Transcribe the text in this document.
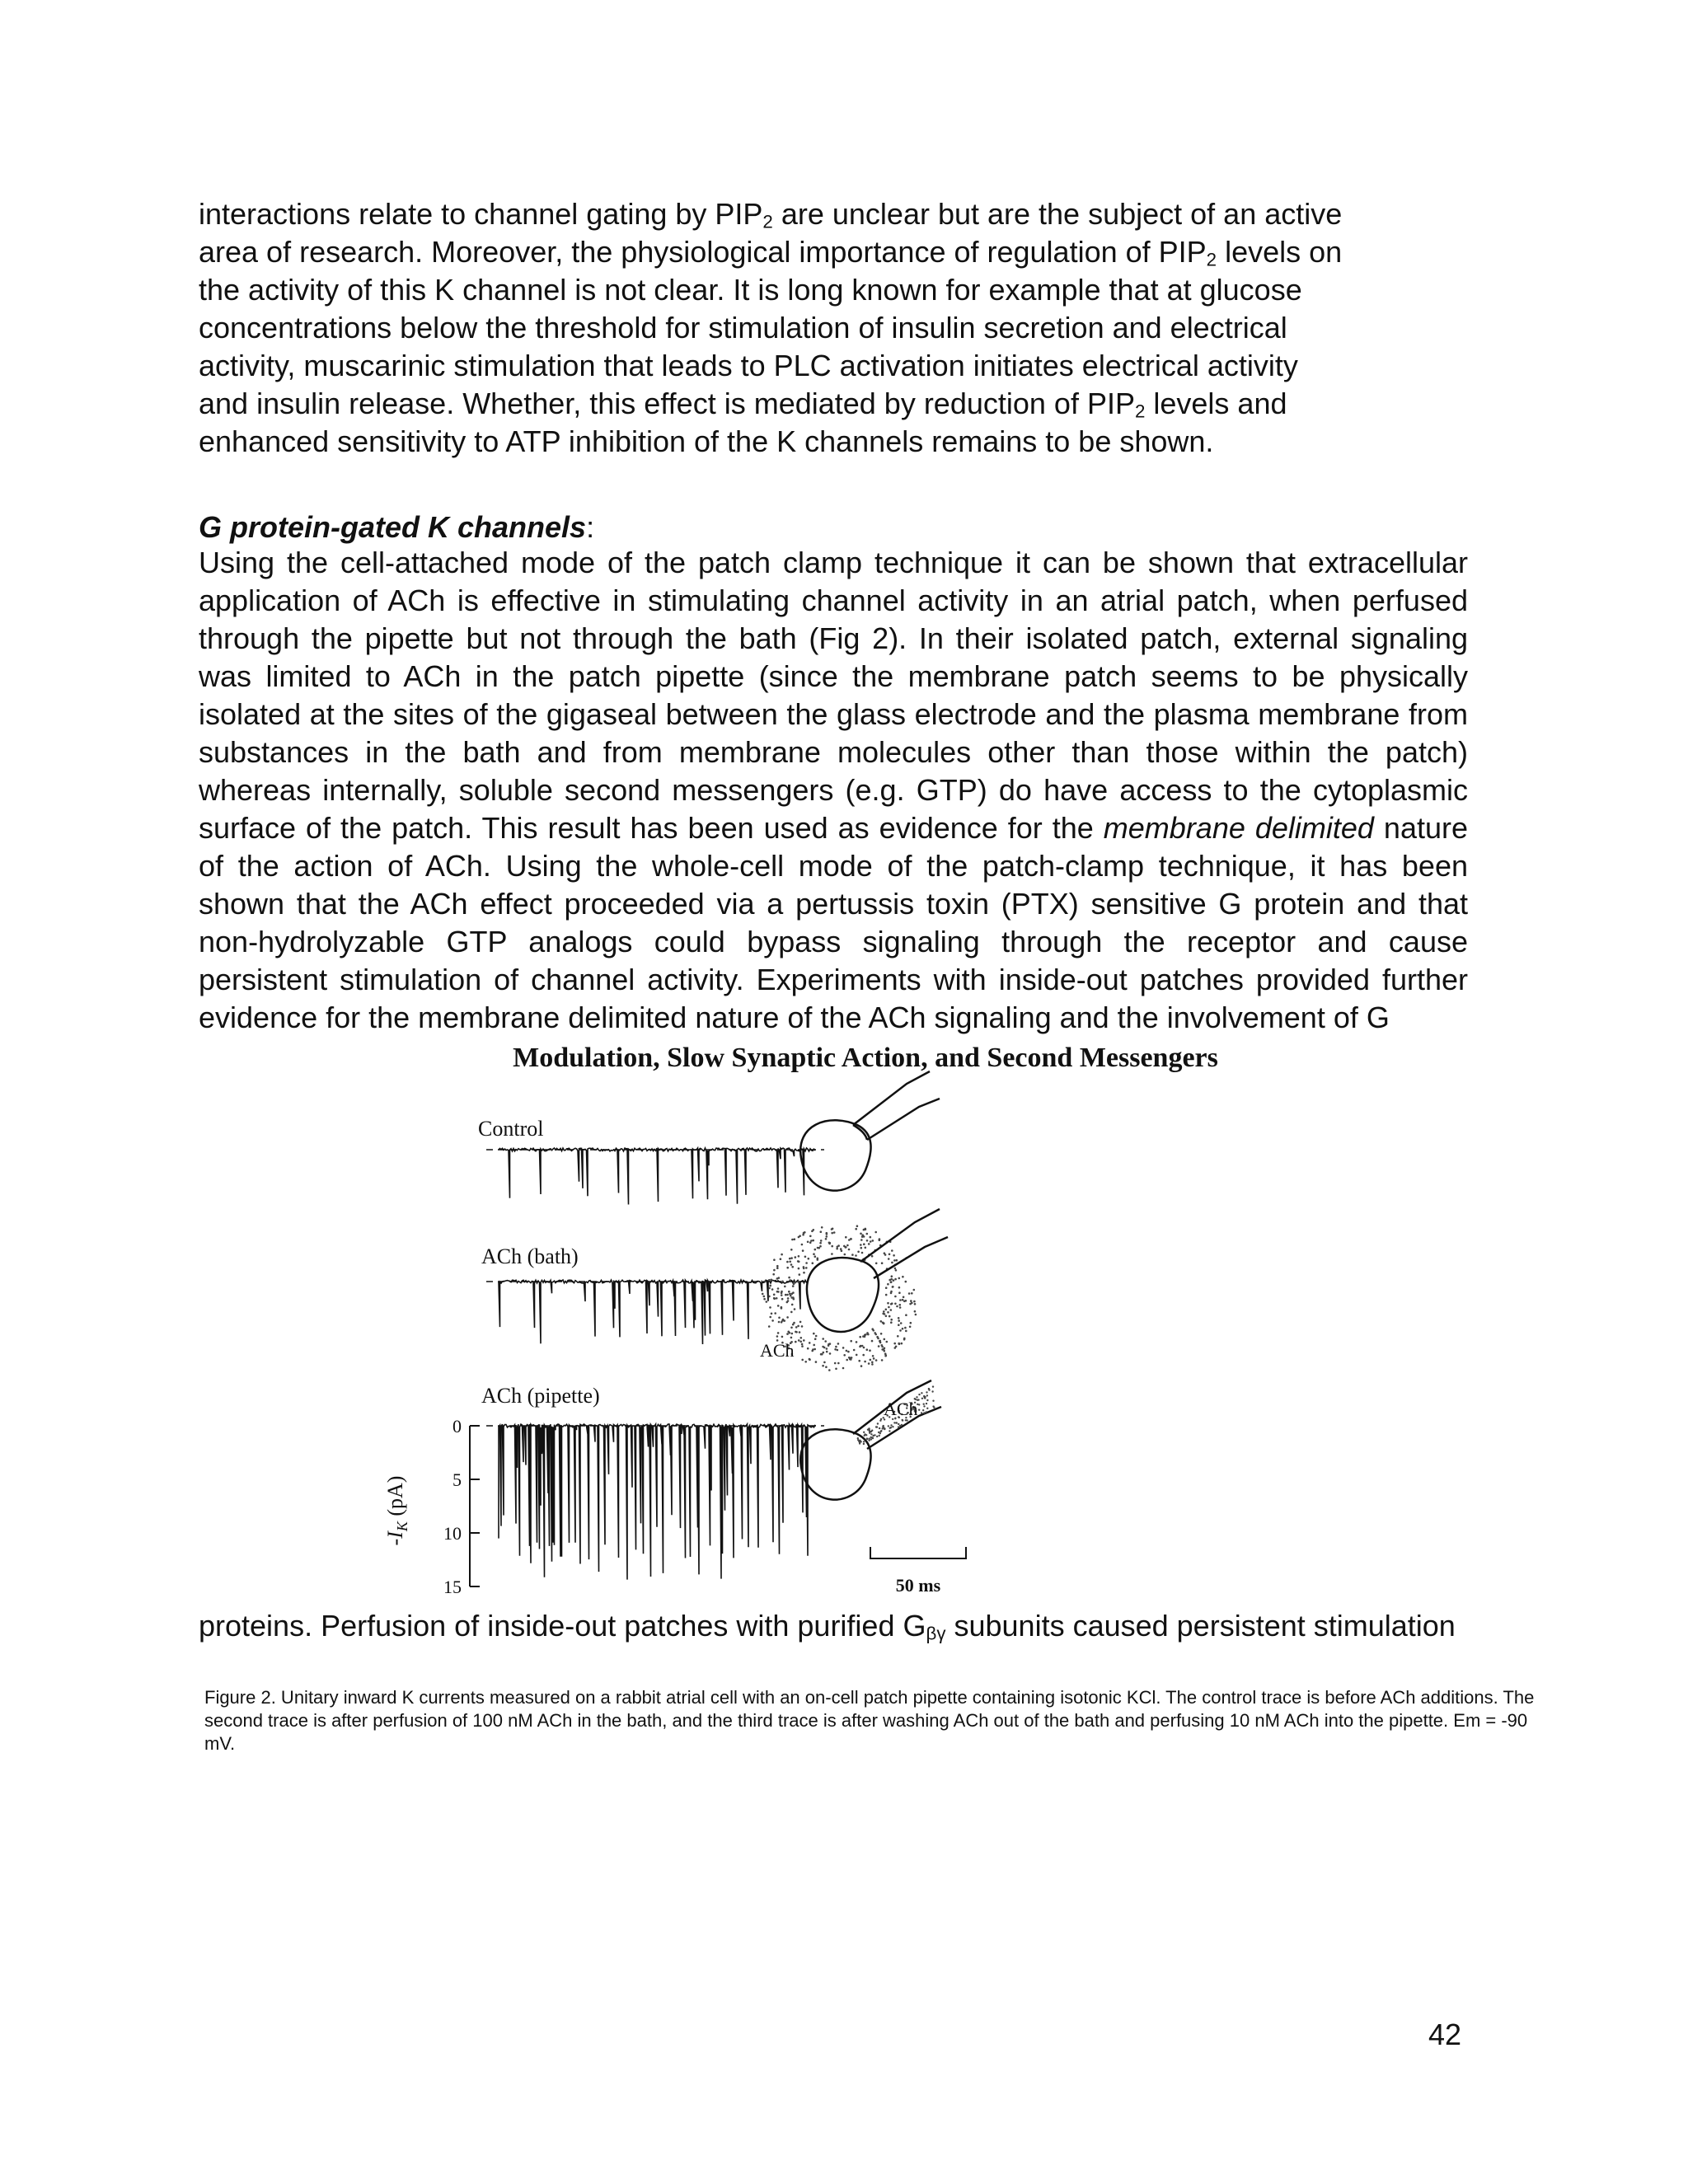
interactions relate to channel gating by $PIP_2$ are unclear but are the subject of an active
area of research. Moreover, the physiological importance of regulation of $PIP_2$ levels on
the activity of this K channel is not clear. It is long known for example that at glucose
concentrations below the threshold for stimulation of insulin secretion and electrical
activity, muscarinic stimulation that leads to PLC activation initiates electrical activity
and insulin release. Whether, this effect is mediated by reduction of $PIP_2$ levels and
enhanced sensitivity to ATP inhibition of the K channels remains to be shown.
G protein-gated K channels:
Using the cell-attached mode of the patch clamp technique it can be shown that extracellular
application of ACh is effective in stimulating channel activity in an atrial patch, when perfused
through the pipette but not through the bath (Fig 2). In their isolated patch, external signaling
was limited to ACh in the patch pipette (since the membrane patch seems to be physically
isolated at the sites of the gigaseal between the glass electrode and the plasma membrane from
substances in the bath and from membrane molecules other than those within the patch)
whereas internally, soluble second messengers (e.g. GTP) do have access to the cytoplasmic
surface of the patch. This result has been used as evidence for the membrane delimited nature
of the action of ACh. Using the whole-cell mode of the patch-clamp technique, it has been
shown that the ACh effect proceeded via a pertussis toxin (PTX) sensitive G protein and that
non-hydrolyzable GTP analogs could bypass signaling through the receptor and cause
persistent stimulation of channel activity. Experiments with inside-out patches provided further
evidence for the membrane delimited nature of the ACh signaling and the involvement of G
Modulation, Slow Synaptic Action, and Second Messengers
Control
ACh (bath)
ACh (pipette)
0
5
10
15
$-I_K$ (pA)
50 ms
ACh
ACh
proteins. Perfusion of inside-out patches with purified $G_{\beta\gamma}$ subunits caused persistent stimulation

Figure 2. Unitary inward K currents measured on a rabbit atrial cell with an on-cell patch pipette containing isotonic KCl. The control trace is before ACh additions. The second trace is after perfusion of 100 nM ACh in the bath, and the third trace is after washing ACh out of the bath and perfusing 10 nM ACh into the pipette. Em = -90 mV.

42
